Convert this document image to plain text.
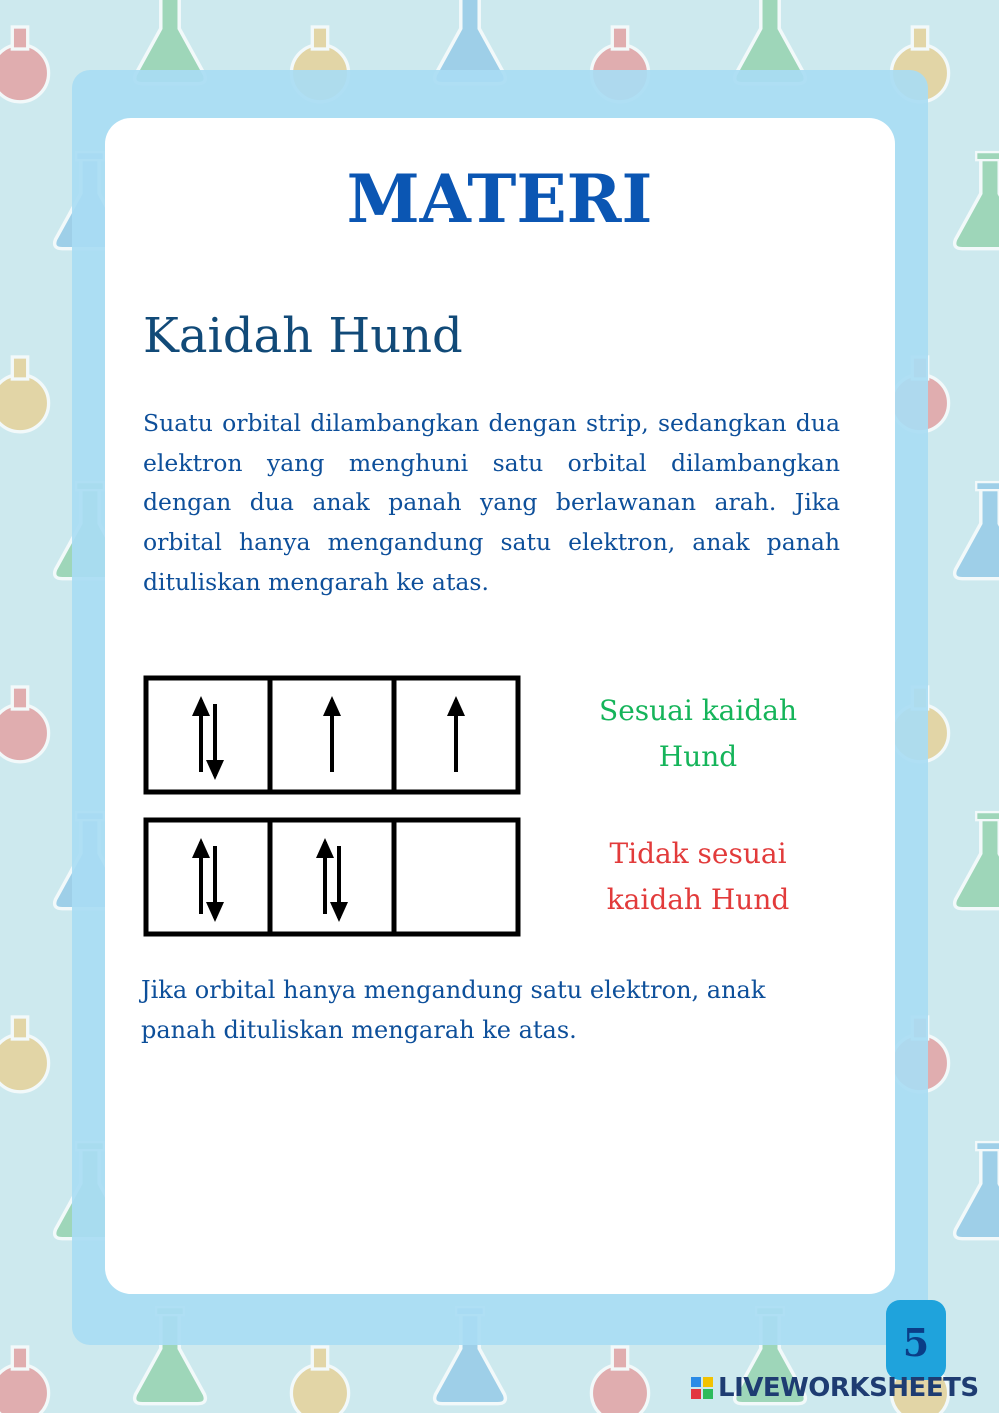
MATERI
Kaidah Hund

Suatu orbital dilambangkan dengan strip, sedangkan dua elektron yang menghuni satu orbital dilambangkan dengan dua anak panah yang berlawanan arah. Jika orbital hanya mengandung satu elektron, anak panah dituliskan mengarah ke atas.

Sesuai kaidah Hund

Tidak sesuai kaidah Hund

Jika orbital hanya mengandung satu elektron, anak panah dituliskan mengarah ke atas.

5
LIVEWORKSHEETS
